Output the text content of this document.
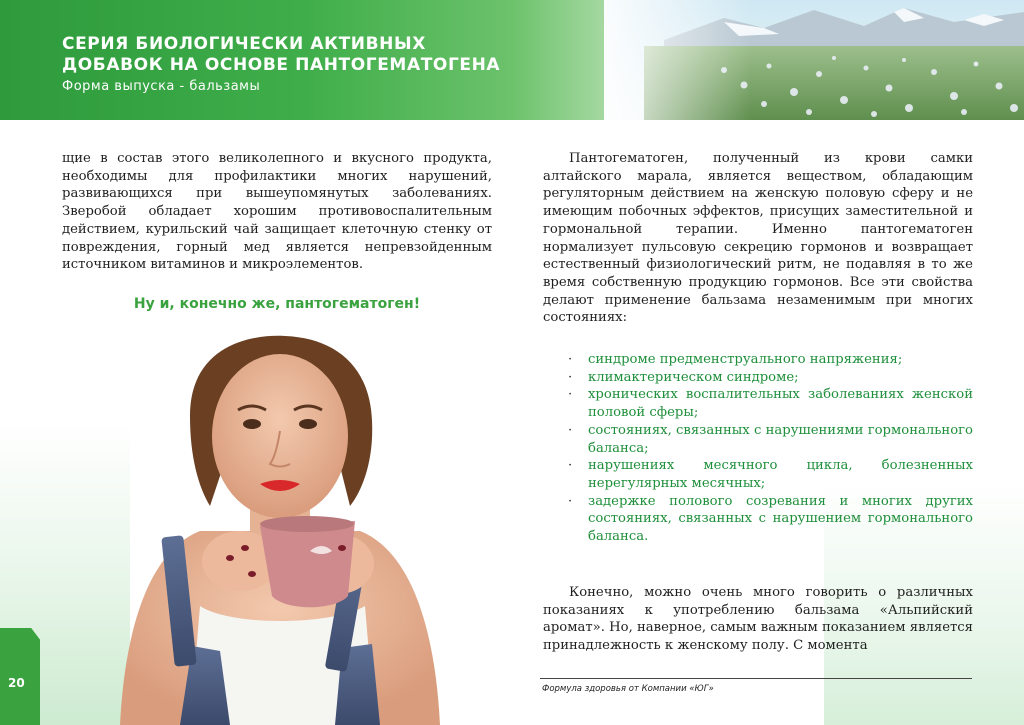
СЕРИЯ БИОЛОГИЧЕСКИ АКТИВНЫХ ДОБАВОК НА ОСНОВЕ ПАНТОГЕМАТОГЕНА
Форма выпуска - бальзамы
щие в состав этого великолепного и вкусного продукта, необходимы для профилактики многих нарушений, развивающихся при вышеупомянутых заболеваниях. Зверобой обладает хорошим противовоспалительным действием, курильский чай защищает клеточную стенку от повреждения, горный мед является непревзойденным источником витаминов и микроэлементов.
Ну и, конечно же, пантогематоген!
Пантогематоген, полученный из крови самки алтайского марала, является веществом, обладающим регуляторным действием на женскую половую сферу и не имеющим побочных эффектов, присущих заместительной и гормональной терапии. Именно пантогематоген нормализует пульсовую секрецию гормонов и возвращает естественный физиологический ритм, не подавляя в то же время собственную продукцию гормонов. Все эти свойства делают применение бальзама незаменимым при многих состояниях:
· синдроме предменструального напряжения;
· климактерическом синдроме;
· хронических воспалительных заболеваниях женской половой сферы;
· состояниях, связанных с нарушениями гормонального баланса;
· нарушениях месячного цикла, болезненных нерегулярных месячных;
· задержке полового созревания и многих других состояниях, связанных с нарушением гормонального баланса.
Конечно, можно очень много говорить о различных показаниях к употреблению бальзама «Альпийский аромат». Но, наверное, самым важным показанием является принадлежность к женскому полу. С момента
20	Формула здоровья от Компании «ЮГ»
